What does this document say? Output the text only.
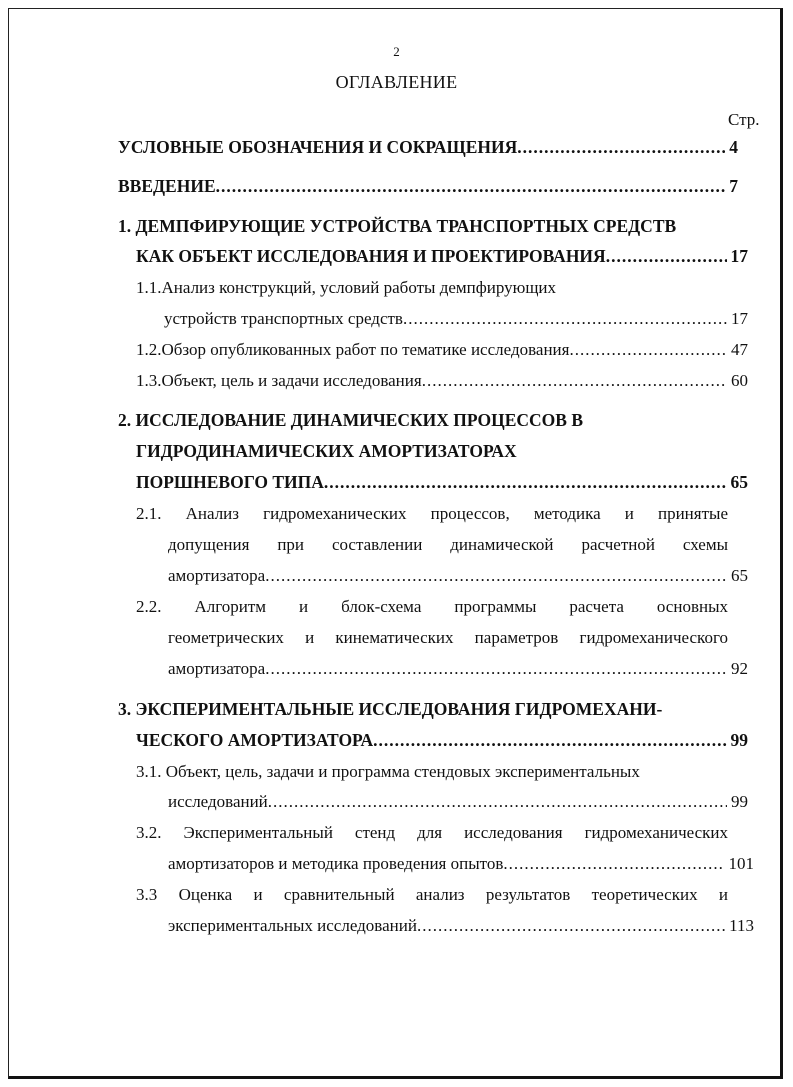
2
ОГЛАВЛЕНИЕ
Стр.
УСЛОВНЫЕ ОБОЗНАЧЕНИЯ И СОКРАЩЕНИЯ .....	4
ВВЕДЕНИЕ .....	7
1. ДЕМПФИРУЮЩИЕ УСТРОЙСТВА ТРАНСПОРТНЫХ СРЕДСТВ
КАК ОБЪЕКТ ИССЛЕДОВАНИЯ И ПРОЕКТИРОВАНИЯ .....	17
1.1.Анализ конструкций, условий работы демпфирующих
устройств транспортных средств .....	17
1.2.Обзор опубликованных работ по тематике исследования .....	47
1.3.Объект, цель и задачи исследования .....	60
2. ИССЛЕДОВАНИЕ ДИНАМИЧЕСКИХ ПРОЦЕССОВ В
ГИДРОДИНАМИЧЕСКИХ АМОРТИЗАТОРАХ
ПОРШНЕВОГО ТИПА .....	65
2.1. Анализ гидромеханических процессов, методика и принятые
допущения при составлении динамической расчетной схемы
амортизатора .....	65
2.2. Алгоритм и блок-схема программы расчета основных
геометрических и кинематических параметров гидромеханического
амортизатора .....	92
3. ЭКСПЕРИМЕНТАЛЬНЫЕ ИССЛЕДОВАНИЯ ГИДРОМЕХАНИ-
ЧЕСКОГО АМОРТИЗАТОРА .....	99
3.1. Объект, цель, задачи и программа стендовых экспериментальных
исследований .....	99
3.2. Экспериментальный стенд для исследования гидромеханических
амортизаторов и методика проведения опытов .....	101
3.3 Оценка и сравнительный анализ результатов теоретических и
экспериментальных исследований .....	113
